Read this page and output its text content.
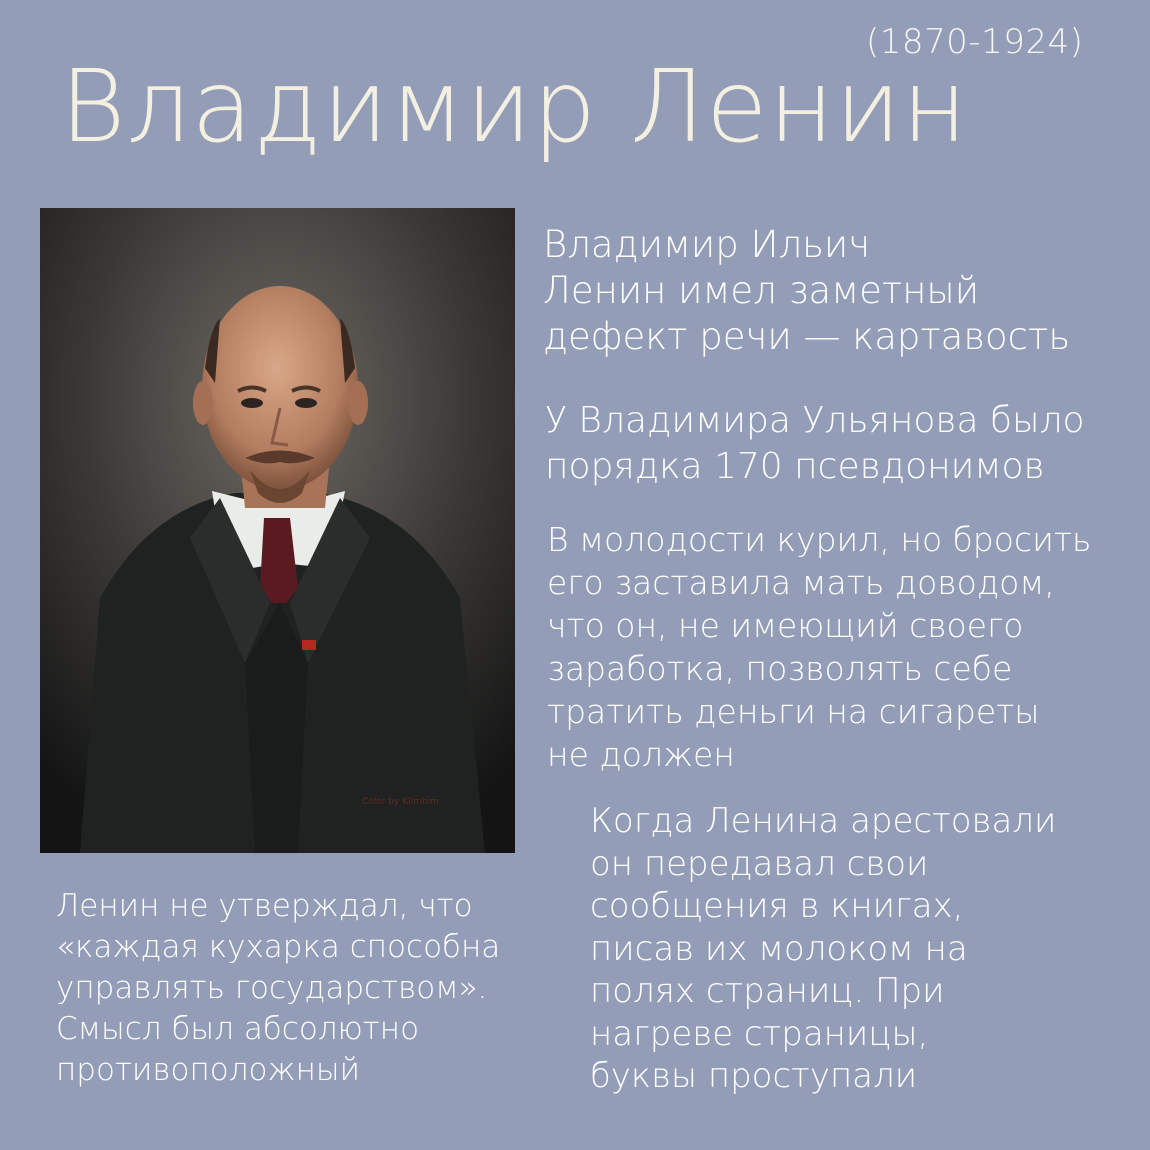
(1870-1924)
Владимир Ленин
Color by Klimbim
Владимир Ильич
Ленин имел заметный
дефект речи — картавость
У Владимира Ульянова было
порядка 170 псевдонимов
В молодости курил, но бросить
его заставила мать доводом,
что он, не имеющий своего
заработка, позволять себе
тратить деньги на сигареты
не должен
Когда Ленина арестовали
он передавал свои
сообщения в книгах,
писав их молоком на
полях страниц. При
нагреве страницы,
буквы проступали
Ленин не утверждал, что
«каждая кухарка способна
управлять государством».
Смысл был абсолютно
противоположный
